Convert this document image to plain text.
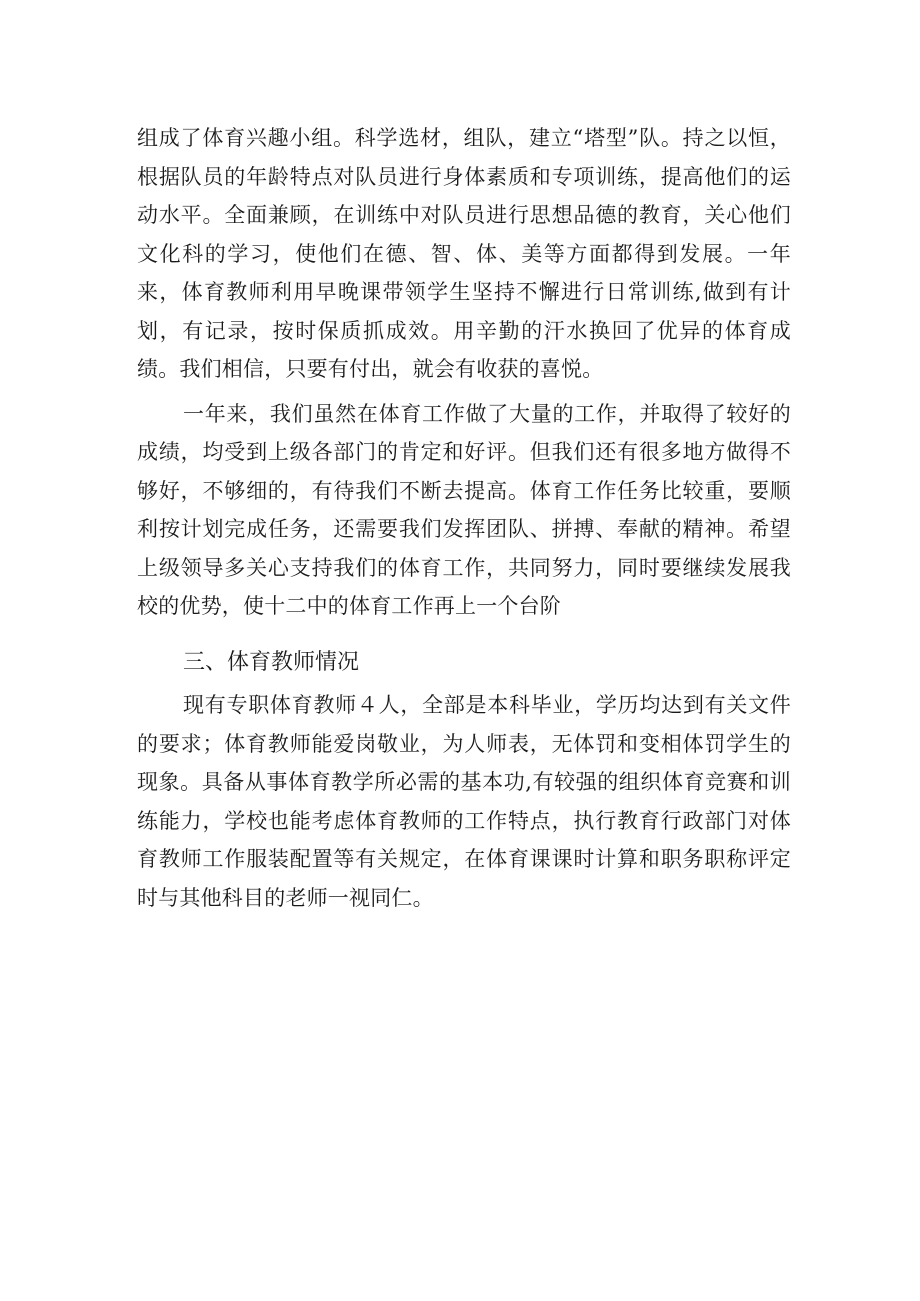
组成了体育兴趣小组。科学选材，组队，建立“塔型”队。持之以恒，根据队员的年龄特点对队员进行身体素质和专项训练，提高他们的运动水平。全面兼顾，在训练中对队员进行思想品德的教育，关心他们文化科的学习，使他们在德、智、体、美等方面都得到发展。一年来，体育教师利用早晚课带领学生坚持不懈进行日常训练,做到有计划，有记录，按时保质抓成效。用辛勤的汗水换回了优异的体育成绩。我们相信，只要有付出，就会有收获的喜悦。

一年来，我们虽然在体育工作做了大量的工作，并取得了较好的成绩，均受到上级各部门的肯定和好评。但我们还有很多地方做得不够好，不够细的，有待我们不断去提高。体育工作任务比较重，要顺利按计划完成任务，还需要我们发挥团队、拼搏、奉献的精神。希望上级领导多关心支持我们的体育工作，共同努力，同时要继续发展我校的优势，使十二中的体育工作再上一个台阶

三、体育教师情况

现有专职体育教师４人，全部是本科毕业，学历均达到有关文件的要求；体育教师能爱岗敬业，为人师表，无体罚和变相体罚学生的现象。具备从事体育教学所必需的基本功,有较强的组织体育竞赛和训练能力，学校也能考虑体育教师的工作特点，执行教育行政部门对体育教师工作服装配置等有关规定，在体育课课时计算和职务职称评定时与其他科目的老师一视同仁。
